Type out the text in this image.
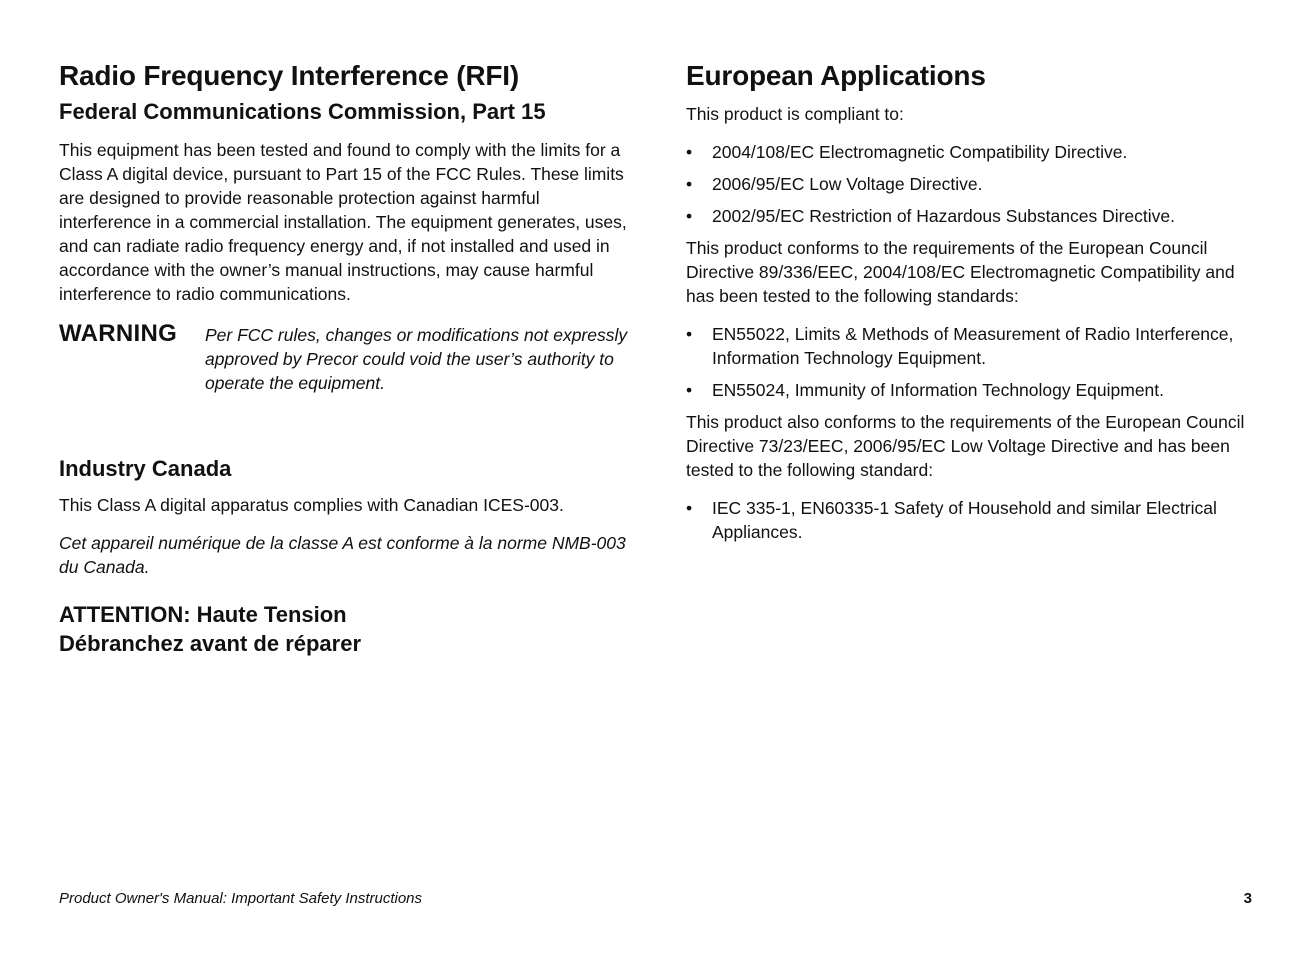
Radio Frequency Interference (RFI)
Federal Communications Commission, Part 15

This equipment has been tested and found to comply with the limits for a Class A digital device, pursuant to Part 15 of the FCC Rules. These limits are designed to provide reasonable protection against harmful interference in a commercial installation. The equipment generates, uses, and can radiate radio frequency energy and, if not installed and used in accordance with the owner’s manual instructions, may cause harmful interference to radio communications.

WARNING	Per FCC rules, changes or modifications not expressly approved by Precor could void the user’s authority to operate the equipment.

Industry Canada

This Class A digital apparatus complies with Canadian ICES-003.

Cet appareil numérique de la classe A est conforme à la norme NMB-003 du Canada.

ATTENTION: Haute Tension
Débranchez avant de réparer
European Applications

This product is compliant to:

• 2004/108/EC Electromagnetic Compatibility Directive.
• 2006/95/EC Low Voltage Directive.
• 2002/95/EC Restriction of Hazardous Substances Directive.

This product conforms to the requirements of the European Council Directive 89/336/EEC, 2004/108/EC Electromagnetic Compatibility and has been tested to the following standards:

• EN55022, Limits & Methods of Measurement of Radio Interference, Information Technology Equipment.
• EN55024, Immunity of Information Technology Equipment.

This product also conforms to the requirements of the European Council Directive 73/23/EEC, 2006/95/EC Low Voltage Directive and has been tested to the following standard:

• IEC 335-1, EN60335-1 Safety of Household and similar Electrical Appliances.
Product Owner's Manual: Important Safety Instructions	3
